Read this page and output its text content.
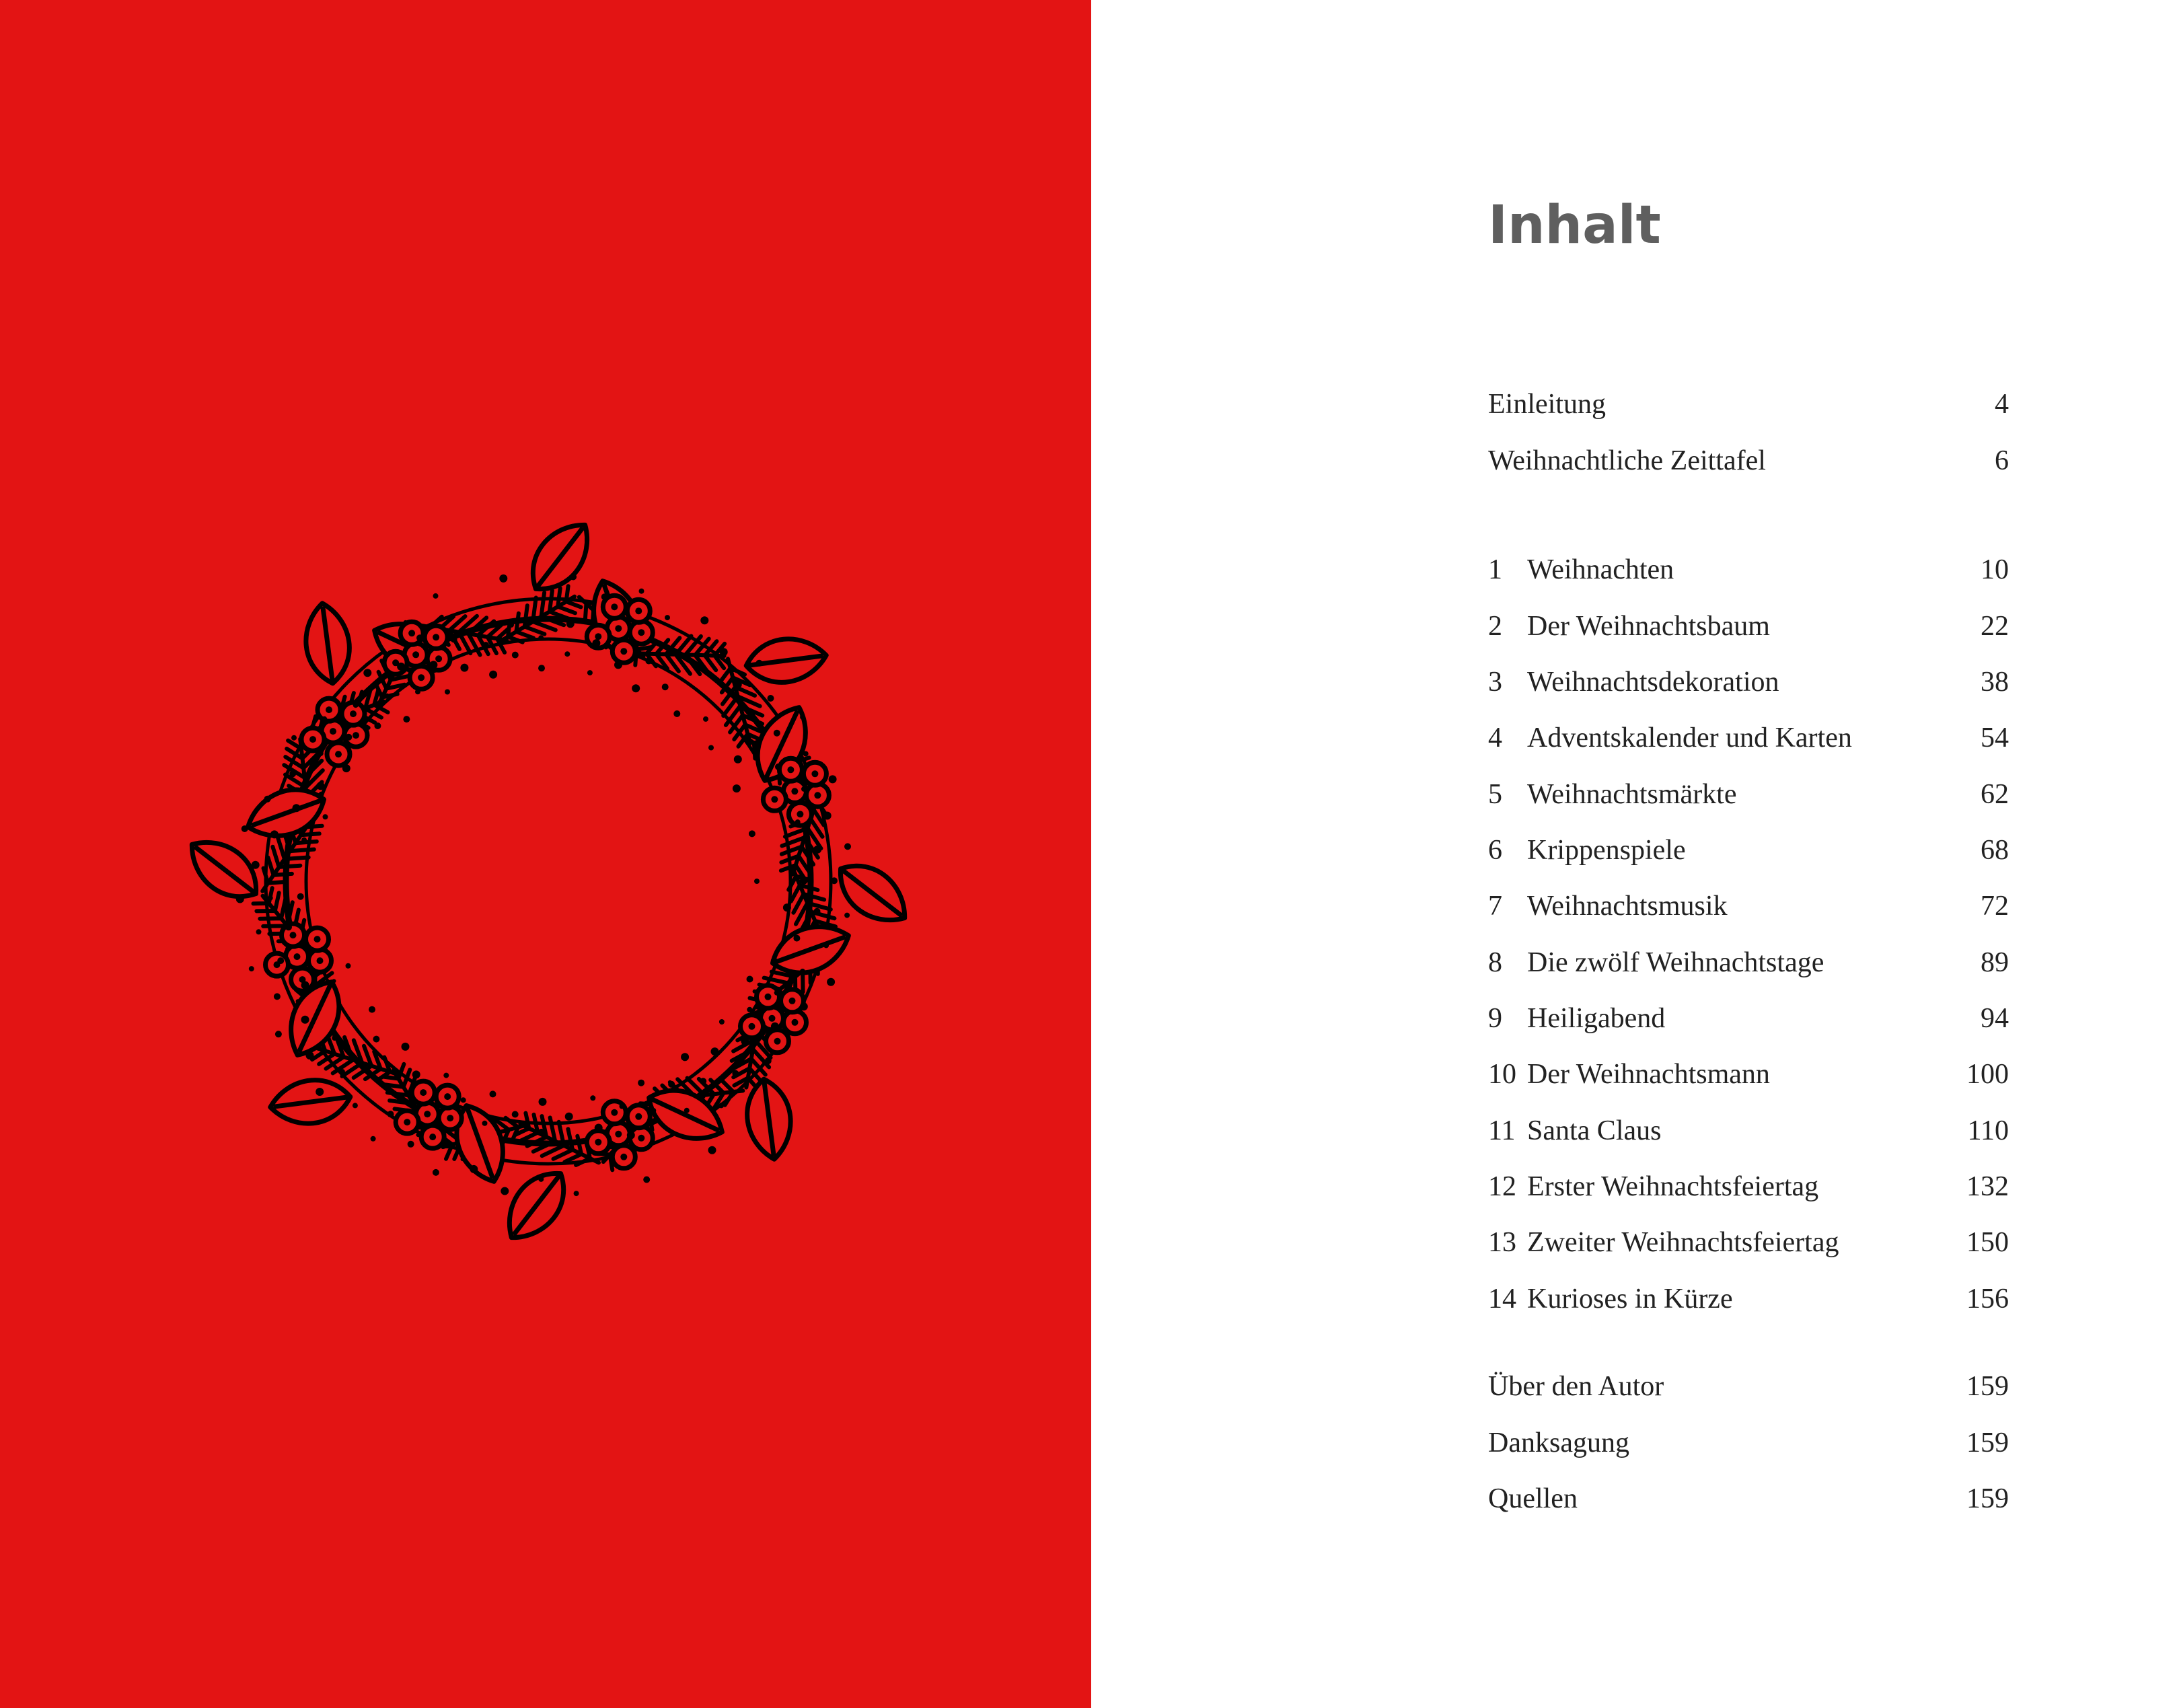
Inhalt
Einleitung	4
Weihnachtliche Zeittafel	6
1 Weihnachten	10
2 Der Weihnachtsbaum	22
3 Weihnachtsdekoration	38
4 Adventskalender und Karten	54
5 Weihnachtsmärkte	62
6 Krippenspiele	68
7 Weihnachtsmusik	72
8 Die zwölf Weihnachtstage	89
9 Heiligabend	94
10 Der Weihnachtsmann	100
11 Santa Claus	110
12 Erster Weihnachtsfeiertag	132
13 Zweiter Weihnachtsfeiertag	150
14 Kurioses in Kürze	156
Über den Autor	159
Danksagung	159
Quellen	159
